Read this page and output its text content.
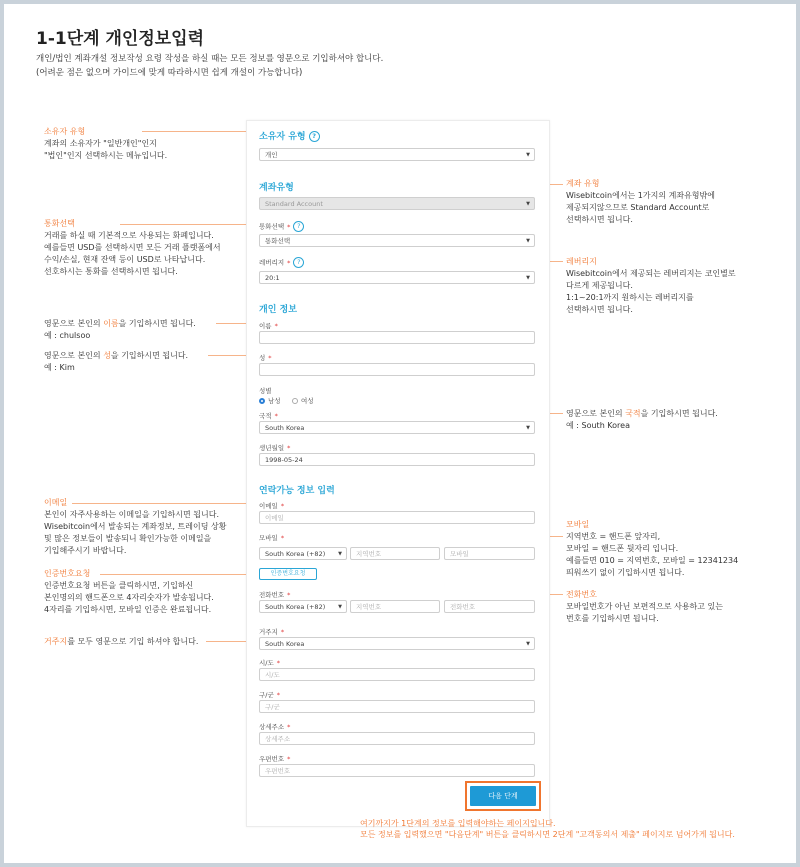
1-1단계 개인정보입력
개인/법인 계좌개설 정보작성 요령 작성을 하실 때는 모든 정보를 영문으로 기입하셔야 합니다.
(어려운 점은 없으며 가이드에 맞게 따라하시면 쉽게 개설이 가능합니다)
소유자 유형
계좌의 소유자가 "일반개인"인지
"법인"인지 선택하시는 메뉴입니다.
통화선택
거래를 하실 때 기본적으로 사용되는 화폐입니다.
예를들면 USD를 선택하시면 모든 거래 플랫폼에서
수익/손실, 현재 잔액 등이 USD로 나타납니다.
선호하시는 통화를 선택하시면 됩니다.
영문으로 본인의 이름을 기입하시면 됩니다.
예 : chulsoo
영문으로 본인의 성을 기입하시면 됩니다.
예 : Kim
이메일
본인이 자주사용하는 이메일을 기입하시면 됩니다.
Wisebitcoin에서 발송되는 계좌정보, 트레이딩 상황
및 많은 정보들이 발송되니 확인가능한 이메일을
기입해주시기 바랍니다.
인증번호요청
인증번호요청 버튼을 클릭하시면, 기입하신
본인명의의 핸드폰으로 4자리숫자가 발송됩니다.
4자리를 기입하시면, 모바일 인증은 완료됩니다.
거주지를 모두 영문으로 기입 하셔야 합니다.
계좌 유형
Wisebitcoin에서는 1가지의 계좌유형밖에
제공되지않으므로 Standard Account로
선택하시면 됩니다.
레버리지
Wisebitcoin에서 제공되는 레버리지는 코인별로
다르게 제공됩니다.
1:1~20:1까지 원하시는 레버리지를
선택하시면 됩니다.
영문으로 본인의 국적을 기입하시면 됩니다.
예 : South Korea
모바일
지역번호 = 핸드폰 앞자리,
모바일 = 핸드폰 뒷자리 입니다.
예를들면 010 = 지역번호, 모바일 = 12341234
띄워쓰기 없이 기입하시면 됩니다.
전화번호
모바일번호가 아닌 보편적으로 사용하고 있는
번호를 기입하시면 됩니다.
소유자 유형 ?
개인	▼
계좌유형
Standard Account	▼
통화선택 * ?
통화선택	▼
레버리지 * ?
20:1	▼
개인 정보
이름 *
성 *
성별
남성	여성
국적 *
South Korea	▼
생년월일 *
1998-05-24
연락가능 정보 입력
이메일 *
이메일
모바일 *
South Korea (+82)	▼	지역번호	모바일
인증번호요청
전화번호 *
South Korea (+82)	▼	지역번호	전화번호
거주지 *
South Korea	▼
시/도 *
시/도
구/군 *
구/군
상세주소 *
상세주소
우편번호 *
우편번호
다음 단계
여기까지가 1단계의 정보를 입력해야하는 페이지입니다.
모든 정보를 입력했으면 "다음단계" 버튼을 클릭하시면 2단계 "고객동의서 제출" 페이지로 넘어가게 됩니다.
